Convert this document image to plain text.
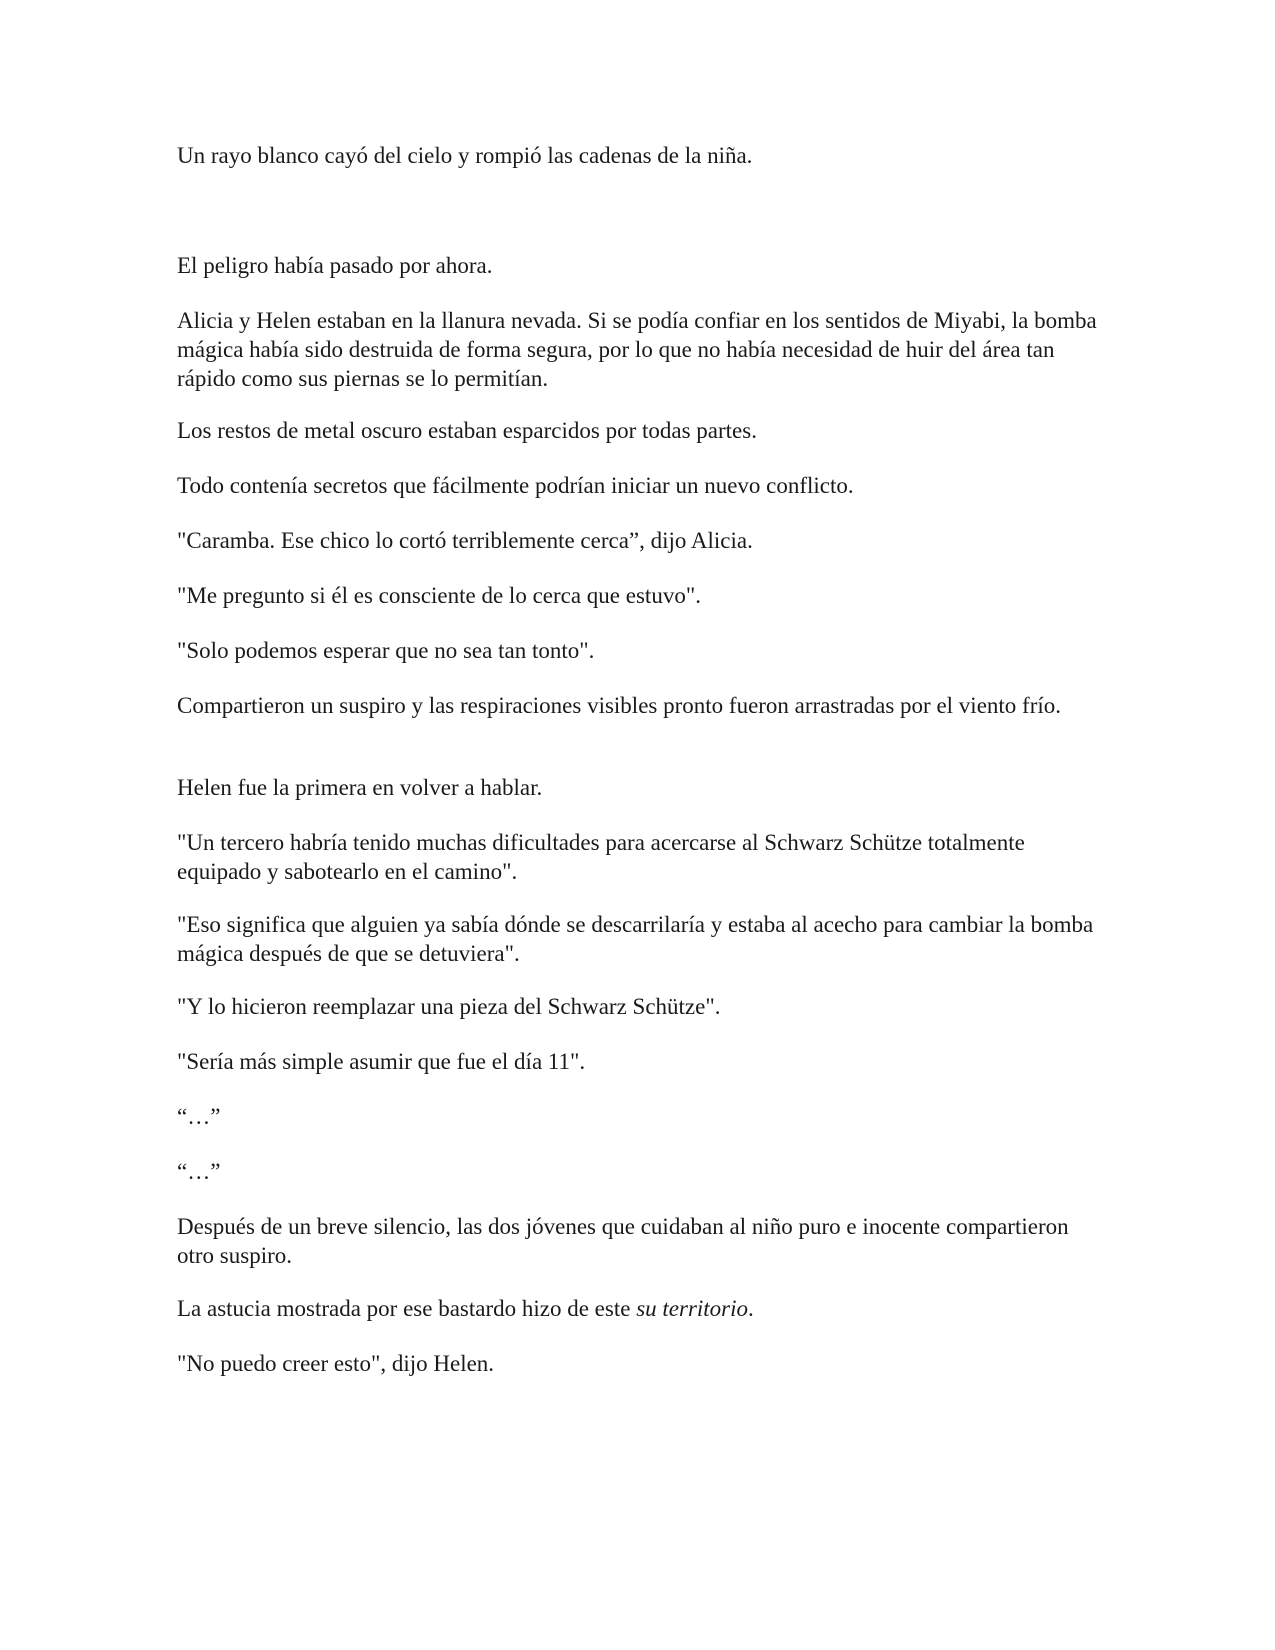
Un rayo blanco cayó del cielo y rompió las cadenas de la niña.

El peligro había pasado por ahora.

Alicia y Helen estaban en la llanura nevada. Si se podía confiar en los sentidos de Miyabi, la bomba mágica había sido destruida de forma segura, por lo que no había necesidad de huir del área tan rápido como sus piernas se lo permitían.

Los restos de metal oscuro estaban esparcidos por todas partes.

Todo contenía secretos que fácilmente podrían iniciar un nuevo conflicto.

"Caramba. Ese chico lo cortó terriblemente cerca”, dijo Alicia.

"Me pregunto si él es consciente de lo cerca que estuvo".

"Solo podemos esperar que no sea tan tonto".

Compartieron un suspiro y las respiraciones visibles pronto fueron arrastradas por el viento frío.

Helen fue la primera en volver a hablar.

"Un tercero habría tenido muchas dificultades para acercarse al Schwarz Schütze totalmente equipado y sabotearlo en el camino".

"Eso significa que alguien ya sabía dónde se descarrilaría y estaba al acecho para cambiar la bomba mágica después de que se detuviera".

"Y lo hicieron reemplazar una pieza del Schwarz Schütze".

"Sería más simple asumir que fue el día 11".

“…”

“…”

Después de un breve silencio, las dos jóvenes que cuidaban al niño puro e inocente compartieron otro suspiro.

La astucia mostrada por ese bastardo hizo de este su territorio.

"No puedo creer esto", dijo Helen.
